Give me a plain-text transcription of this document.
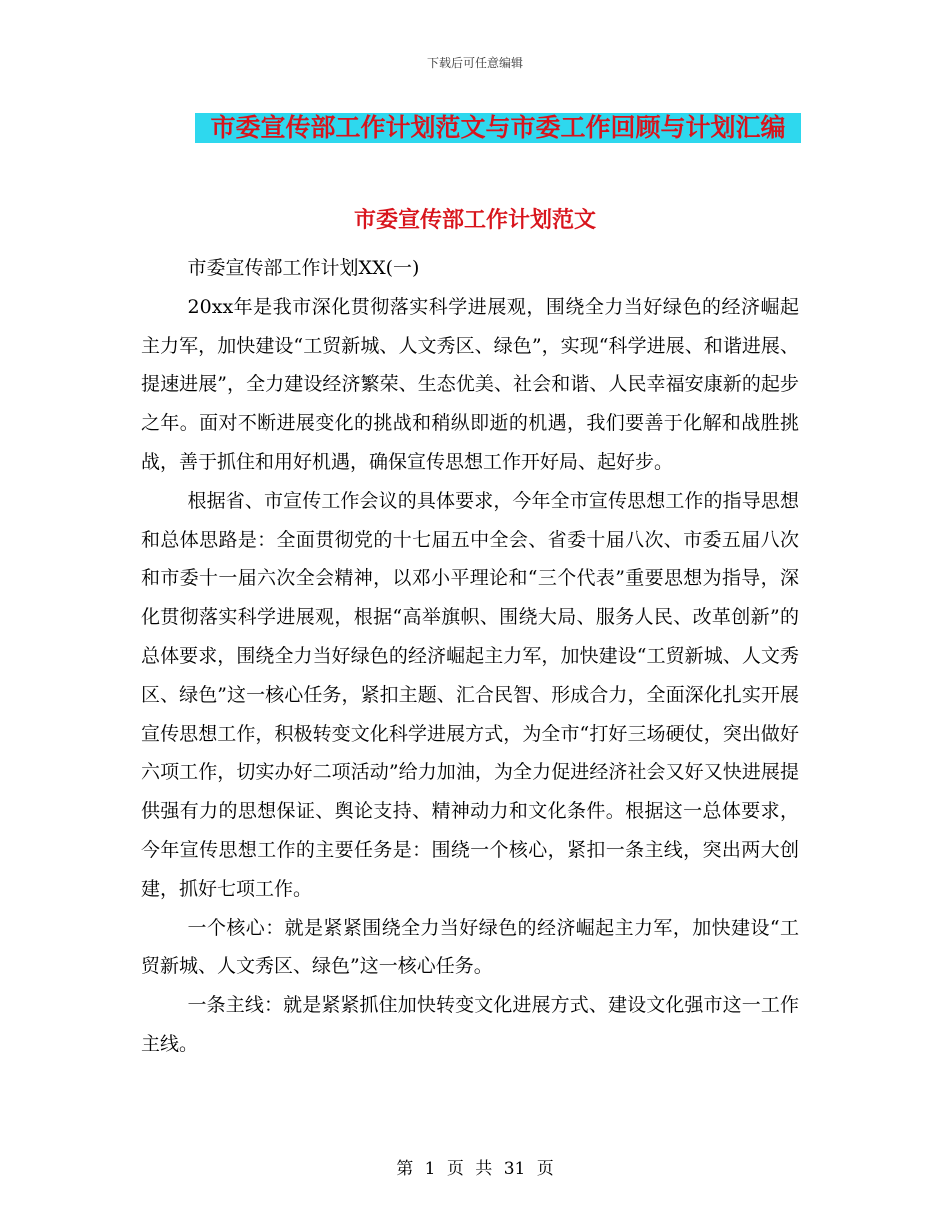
下载后可任意编辑
市委宣传部工作计划范文与市委工作回顾与计划汇编
市委宣传部工作计划范文

市委宣传部工作计划XX(一)

20xx年是我市深化贯彻落实科学进展观，围绕全力当好绿色的经济崛起主力军，加快建设“工贸新城、人文秀区、绿色”，实现“科学进展、和谐进展、提速进展”，全力建设经济繁荣、生态优美、社会和谐、人民幸福安康新的起步之年。面对不断进展变化的挑战和稍纵即逝的机遇，我们要善于化解和战胜挑战，善于抓住和用好机遇，确保宣传思想工作开好局、起好步。

根据省、市宣传工作会议的具体要求，今年全市宣传思想工作的指导思想和总体思路是：全面贯彻党的十七届五中全会、省委十届八次、市委五届八次和市委十一届六次全会精神，以邓小平理论和“三个代表”重要思想为指导，深化贯彻落实科学进展观，根据“高举旗帜、围绕大局、服务人民、改革创新”的总体要求，围绕全力当好绿色的经济崛起主力军，加快建设“工贸新城、人文秀区、绿色”这一核心任务，紧扣主题、汇合民智、形成合力，全面深化扎实开展宣传思想工作，积极转变文化科学进展方式，为全市“打好三场硬仗，突出做好六项工作，切实办好二项活动”给力加油，为全力促进经济社会又好又快进展提供强有力的思想保证、舆论支持、精神动力和文化条件。根据这一总体要求，今年宣传思想工作的主要任务是：围绕一个核心，紧扣一条主线，突出两大创建，抓好七项工作。

一个核心：就是紧紧围绕全力当好绿色的经济崛起主力军，加快建设“工贸新城、人文秀区、绿色”这一核心任务。

一条主线：就是紧紧抓住加快转变文化进展方式、建设文化强市这一工作主线。

第 1 页 共 31 页
